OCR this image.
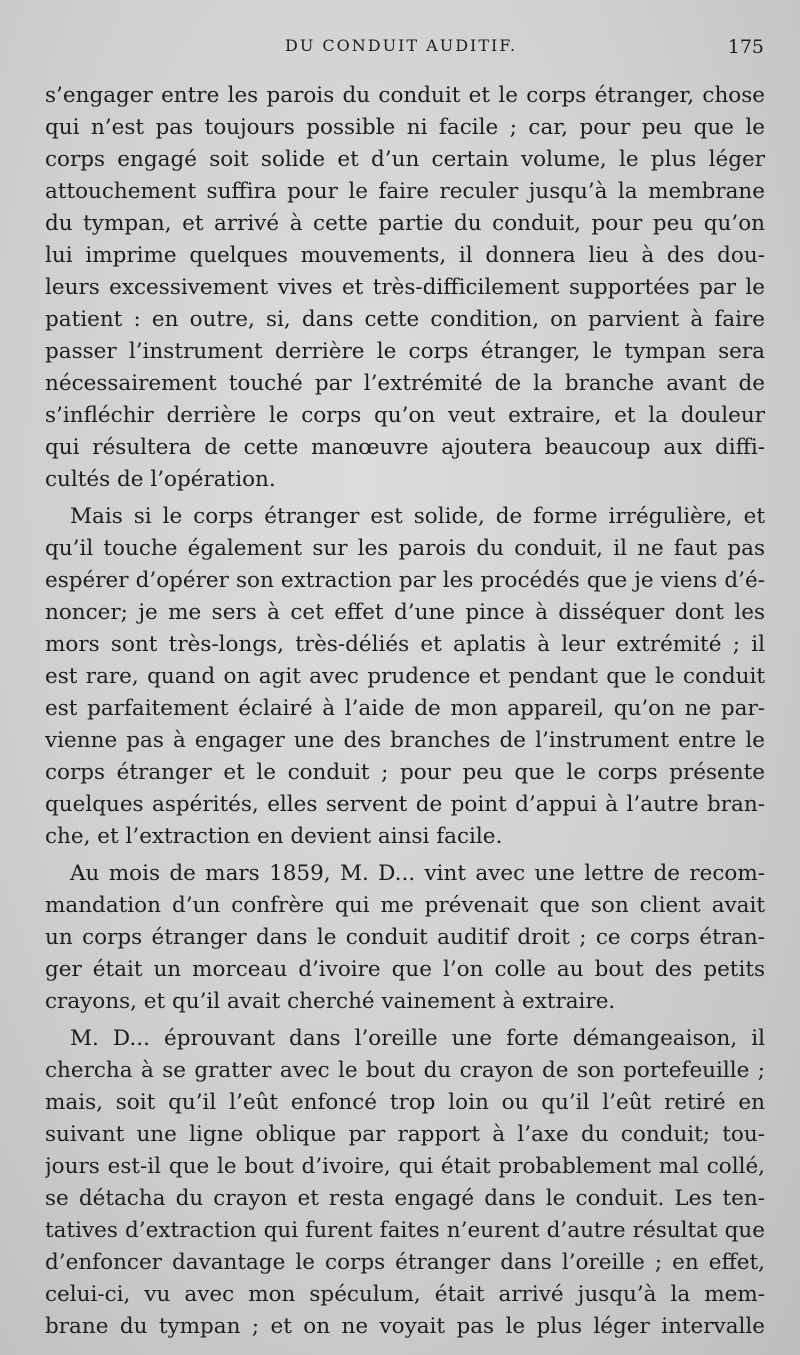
DU CONDUIT AUDITIF.	175
s’engager entre les parois du conduit et le corps étranger, chose
qui n’est pas toujours possible ni facile ; car, pour peu que le
corps engagé soit solide et d’un certain volume, le plus léger
attouchement suffira pour le faire reculer jusqu’à la membrane
du tympan, et arrivé à cette partie du conduit, pour peu qu’on
lui imprime quelques mouvements, il donnera lieu à des dou-
leurs excessivement vives et très-difficilement supportées par le
patient : en outre, si, dans cette condition, on parvient à faire
passer l’instrument derrière le corps étranger, le tympan sera
nécessairement touché par l’extrémité de la branche avant de
s’infléchir derrière le corps qu’on veut extraire, et la douleur
qui résultera de cette manœuvre ajoutera beaucoup aux diffi-
cultés de l’opération.
Mais si le corps étranger est solide, de forme irrégulière, et
qu’il touche également sur les parois du conduit, il ne faut pas
espérer d’opérer son extraction par les procédés que je viens d’é-
noncer; je me sers à cet effet d’une pince à disséquer dont les
mors sont très-longs, très-déliés et aplatis à leur extrémité ; il
est rare, quand on agit avec prudence et pendant que le conduit
est parfaitement éclairé à l’aide de mon appareil, qu’on ne par-
vienne pas à engager une des branches de l’instrument entre le
corps étranger et le conduit ; pour peu que le corps présente
quelques aspérités, elles servent de point d’appui à l’autre bran-
che, et l’extraction en devient ainsi facile.
Au mois de mars 1859, M. D... vint avec une lettre de recom-
mandation d’un confrère qui me prévenait que son client avait
un corps étranger dans le conduit auditif droit ; ce corps étran-
ger était un morceau d’ivoire que l’on colle au bout des petits
crayons, et qu’il avait cherché vainement à extraire.
M. D... éprouvant dans l’oreille une forte démangeaison, il
chercha à se gratter avec le bout du crayon de son portefeuille ;
mais, soit qu’il l’eût enfoncé trop loin ou qu’il l’eût retiré en
suivant une ligne oblique par rapport à l’axe du conduit; tou-
jours est-il que le bout d’ivoire, qui était probablement mal collé,
se détacha du crayon et resta engagé dans le conduit. Les ten-
tatives d’extraction qui furent faites n’eurent d’autre résultat que
d’enfoncer davantage le corps étranger dans l’oreille ; en effet,
celui-ci, vu avec mon spéculum, était arrivé jusqu’à la mem-
brane du tympan ; et on ne voyait pas le plus léger intervalle
